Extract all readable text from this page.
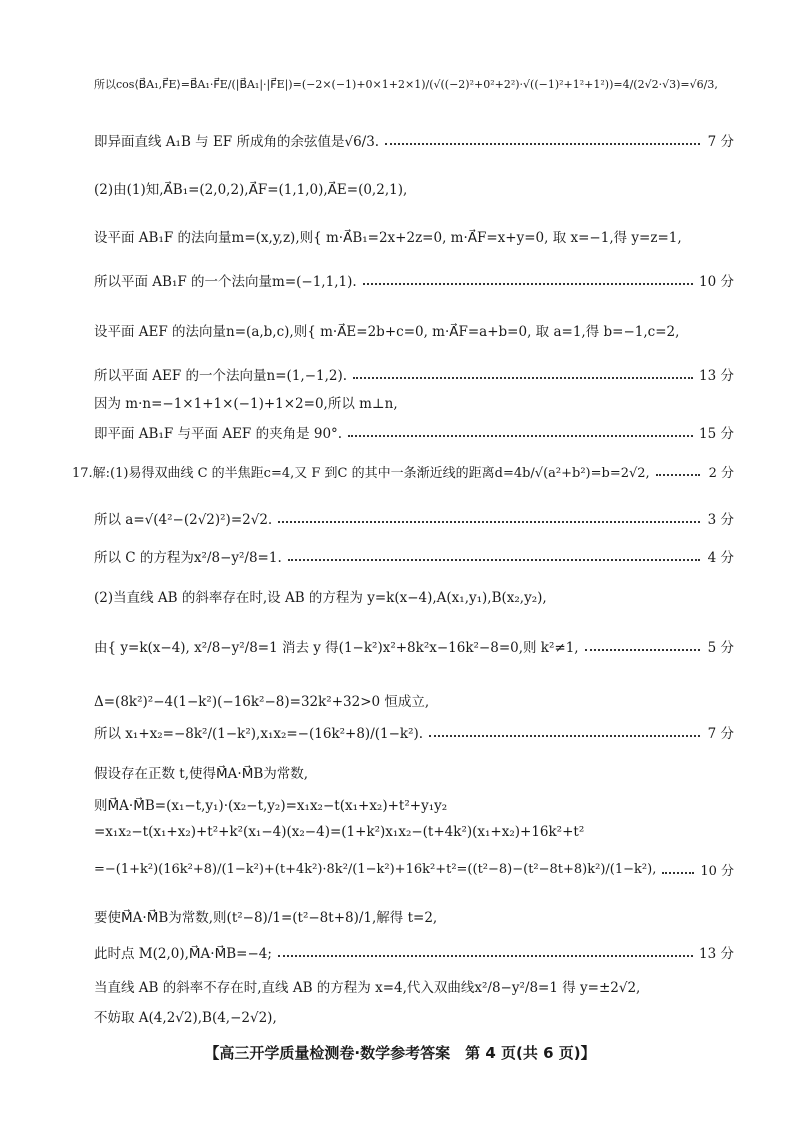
所以cos⟨B⃗A₁,F⃗E⟩=B⃗A₁·F⃗E/(|B⃗A₁|·|F⃗E|)=(−2×(−1)+0×1+2×1)/(√((−2)²+0²+2²)·√((−1)²+1²+1²))=4/(2√2·√3)=√6/3,
即异面直线 A₁B 与 EF 所成角的余弦值是√6/3.	7 分
(2)由(1)知,A⃗B₁=(2,0,2),A⃗F=(1,1,0),A⃗E=(0,2,1),
设平面 AB₁F 的法向量m=(x,y,z),则{ m·A⃗B₁=2x+2z=0, m·A⃗F=x+y=0, 取 x=−1,得 y=z=1,
所以平面 AB₁F 的一个法向量m=(−1,1,1).	10 分
设平面 AEF 的法向量n=(a,b,c),则{ m·A⃗E=2b+c=0, m·A⃗F=a+b=0, 取 a=1,得 b=−1,c=2,
所以平面 AEF 的一个法向量n=(1,−1,2).	13 分
因为 m·n=−1×1+1×(−1)+1×2=0,所以 m⊥n,
即平面 AB₁F 与平面 AEF 的夹角是 90°.	15 分
17.解:(1)易得双曲线 C 的半焦距c=4,又 F 到C 的其中一条渐近线的距离d=4b/√(a²+b²)=b=2√2,	2 分
所以 a=√(4²−(2√2)²)=2√2.	3 分
所以 C 的方程为x²/8−y²/8=1.	4 分
(2)当直线 AB 的斜率存在时,设 AB 的方程为 y=k(x−4),A(x₁,y₁),B(x₂,y₂),
由{ y=k(x−4), x²/8−y²/8=1 消去 y 得(1−k²)x²+8k²x−16k²−8=0,则 k²≠1,	5 分
Δ=(8k²)²−4(1−k²)(−16k²−8)=32k²+32>0 恒成立,
所以 x₁+x₂=−8k²/(1−k²),x₁x₂=−(16k²+8)/(1−k²).	7 分
假设存在正数 t,使得M⃗A·M⃗B为常数,
则M⃗A·M⃗B=(x₁−t,y₁)·(x₂−t,y₂)=x₁x₂−t(x₁+x₂)+t²+y₁y₂
=x₁x₂−t(x₁+x₂)+t²+k²(x₁−4)(x₂−4)=(1+k²)x₁x₂−(t+4k²)(x₁+x₂)+16k²+t²
=−(1+k²)(16k²+8)/(1−k²)+(t+4k²)·8k²/(1−k²)+16k²+t²=((t²−8)−(t²−8t+8)k²)/(1−k²),	10 分
要使M⃗A·M⃗B为常数,则(t²−8)/1=(t²−8t+8)/1,解得 t=2,
此时点 M(2,0),M⃗A·M⃗B=−4;	13 分
当直线 AB 的斜率不存在时,直线 AB 的方程为 x=4,代入双曲线x²/8−y²/8=1 得 y=±2√2,
不妨取 A(4,2√2),B(4,−2√2),
【高三开学质量检测卷·数学参考答案　第 4 页(共 6 页)】
